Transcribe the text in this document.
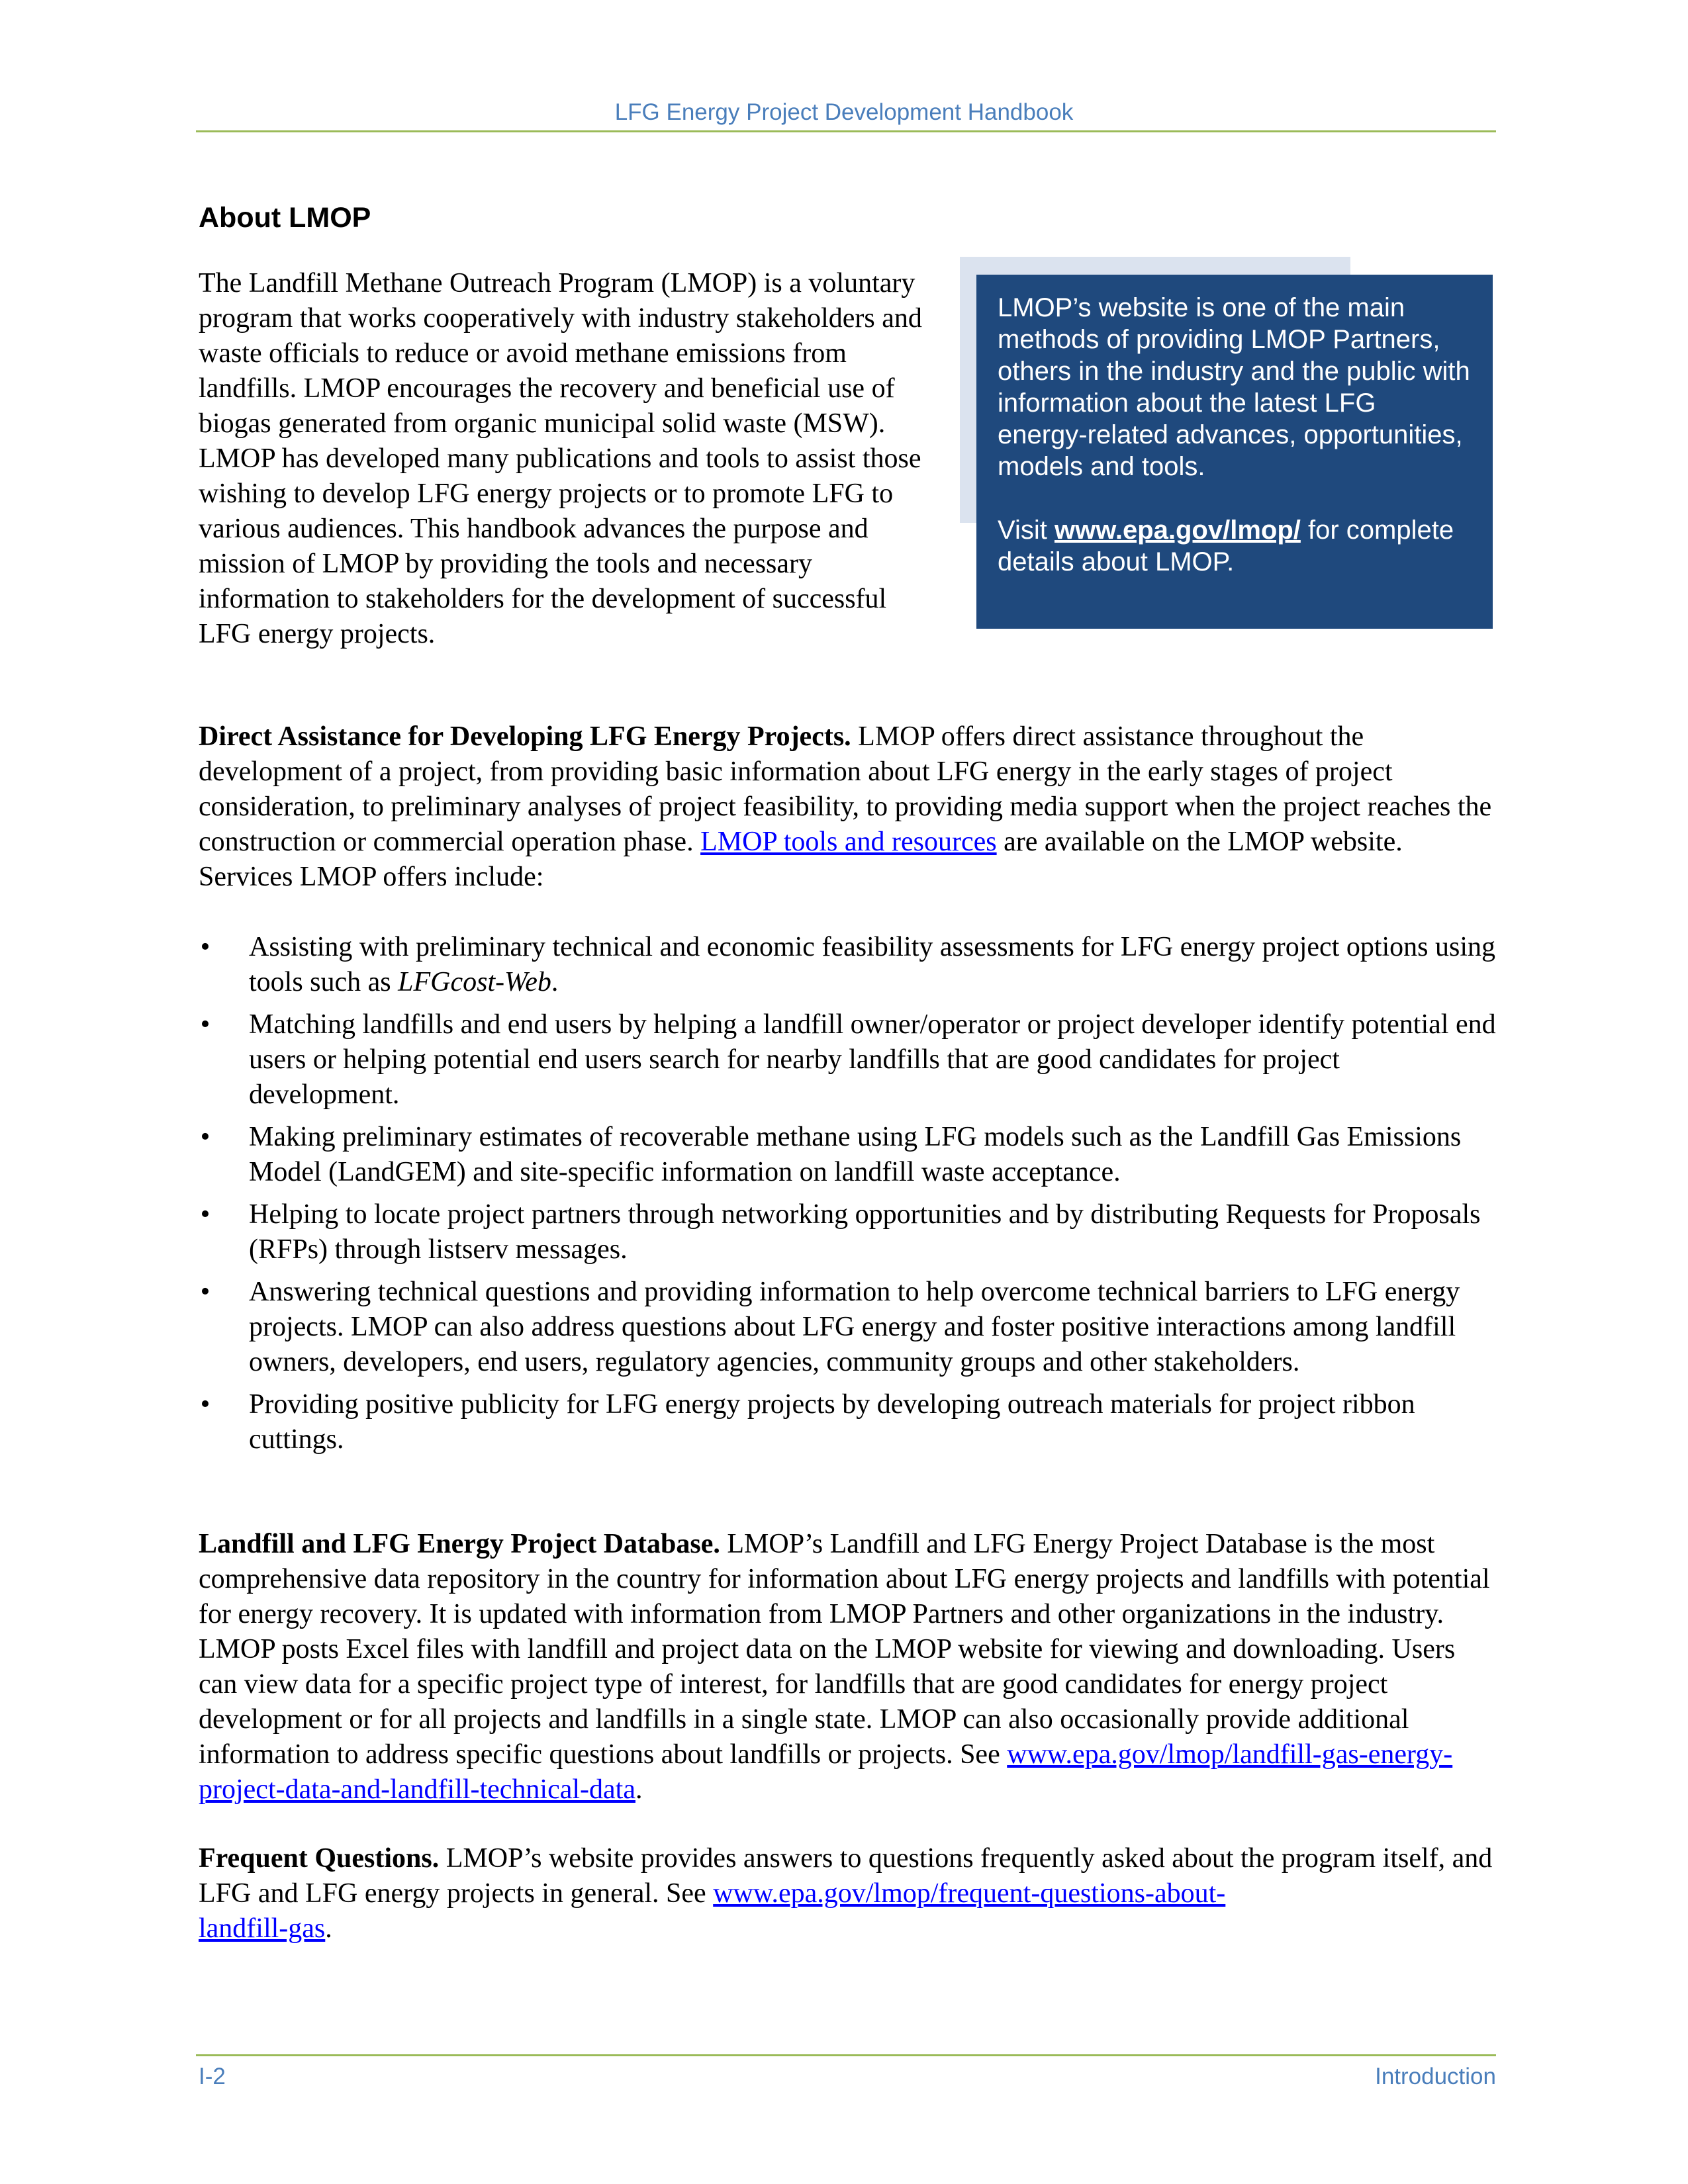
LFG Energy Project Development Handbook
About LMOP
The Landfill Methane Outreach Program (LMOP) is a voluntary program that works cooperatively with industry stakeholders and waste officials to reduce or avoid methane emissions from landfills. LMOP encourages the recovery and beneficial use of biogas generated from organic municipal solid waste (MSW). LMOP has developed many publications and tools to assist those wishing to develop LFG energy projects or to promote LFG to various audiences. This handbook advances the purpose and mission of LMOP by providing the tools and necessary information to stakeholders for the development of successful LFG energy projects.

LMOP’s website is one of the main methods of providing LMOP Partners, others in the industry and the public with information about the latest LFG energy-related advances, opportunities, models and tools.

Visit www.epa.gov/lmop/ for complete details about LMOP.

Direct Assistance for Developing LFG Energy Projects. LMOP offers direct assistance throughout the development of a project, from providing basic information about LFG energy in the early stages of project consideration, to preliminary analyses of project feasibility, to providing media support when the project reaches the construction or commercial operation phase. LMOP tools and resources are available on the LMOP website. Services LMOP offers include:

• Assisting with preliminary technical and economic feasibility assessments for LFG energy project options using tools such as LFGcost-Web.
• Matching landfills and end users by helping a landfill owner/operator or project developer identify potential end users or helping potential end users search for nearby landfills that are good candidates for project development.
• Making preliminary estimates of recoverable methane using LFG models such as the Landfill Gas Emissions Model (LandGEM) and site-specific information on landfill waste acceptance.
• Helping to locate project partners through networking opportunities and by distributing Requests for Proposals (RFPs) through listserv messages.
• Answering technical questions and providing information to help overcome technical barriers to LFG energy projects. LMOP can also address questions about LFG energy and foster positive interactions among landfill owners, developers, end users, regulatory agencies, community groups and other stakeholders.
• Providing positive publicity for LFG energy projects by developing outreach materials for project ribbon cuttings.

Landfill and LFG Energy Project Database. LMOP’s Landfill and LFG Energy Project Database is the most comprehensive data repository in the country for information about LFG energy projects and landfills with potential for energy recovery. It is updated with information from LMOP Partners and other organizations in the industry. LMOP posts Excel files with landfill and project data on the LMOP website for viewing and downloading. Users can view data for a specific project type of interest, for landfills that are good candidates for energy project development or for all projects and landfills in a single state. LMOP can also occasionally provide additional information to address specific questions about landfills or projects. See www.epa.gov/lmop/landfill-gas-energy-project-data-and-landfill-technical-data.

Frequent Questions. LMOP’s website provides answers to questions frequently asked about the program itself, and LFG and LFG energy projects in general. See www.epa.gov/lmop/frequent-questions-about-
landfill-gas.

I-2	Introduction
